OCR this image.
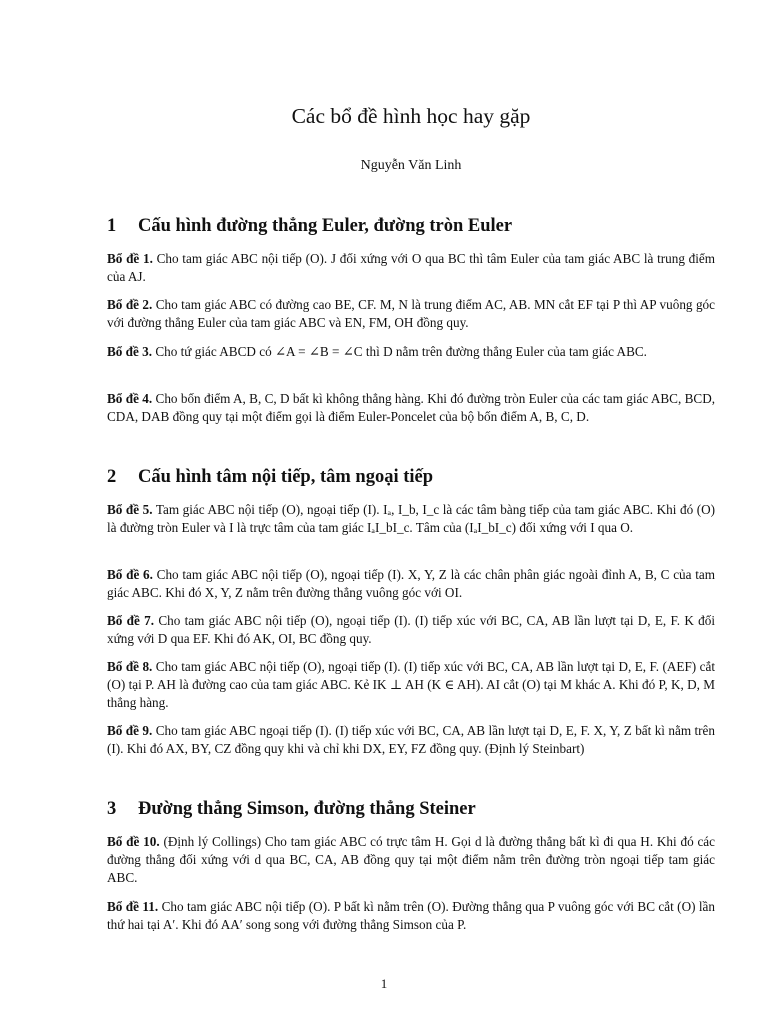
Các bổ đề hình học hay gặp
Nguyễn Văn Linh
1 Cấu hình đường thẳng Euler, đường tròn Euler

Bổ đề 1. Cho tam giác ABC nội tiếp (O). J đối xứng với O qua BC thì tâm Euler của tam giác ABC là trung điểm của AJ.

Bổ đề 2. Cho tam giác ABC có đường cao BE, CF. M, N là trung điểm AC, AB. MN cắt EF tại P thì AP vuông góc với đường thẳng Euler của tam giác ABC và EN, FM, OH đồng quy.

Bổ đề 3. Cho tứ giác ABCD có ∠A = ∠B = ∠C thì D nằm trên đường thẳng Euler của tam giác ABC.

Bổ đề 4. Cho bốn điểm A, B, C, D bất kì không thẳng hàng. Khi đó đường tròn Euler của các tam giác ABC, BCD, CDA, DAB đồng quy tại một điểm gọi là điểm Euler-Poncelet của bộ bốn điểm A, B, C, D.

2 Cấu hình tâm nội tiếp, tâm ngoại tiếp

Bổ đề 5. Tam giác ABC nội tiếp (O), ngoại tiếp (I). Iₐ, I_b, I_c là các tâm bàng tiếp của tam giác ABC. Khi đó (O) là đường tròn Euler và I là trực tâm của tam giác IₐI_bI_c. Tâm của (IₐI_bI_c) đối xứng với I qua O.

Bổ đề 6. Cho tam giác ABC nội tiếp (O), ngoại tiếp (I). X, Y, Z là các chân phân giác ngoài đỉnh A, B, C của tam giác ABC. Khi đó X, Y, Z nằm trên đường thẳng vuông góc với OI.

Bổ đề 7. Cho tam giác ABC nội tiếp (O), ngoại tiếp (I). (I) tiếp xúc với BC, CA, AB lần lượt tại D, E, F. K đối xứng với D qua EF. Khi đó AK, OI, BC đồng quy.

Bổ đề 8. Cho tam giác ABC nội tiếp (O), ngoại tiếp (I). (I) tiếp xúc với BC, CA, AB lần lượt tại D, E, F. (AEF) cắt (O) tại P. AH là đường cao của tam giác ABC. Kẻ IK ⊥ AH (K ∈ AH). AI cắt (O) tại M khác A. Khi đó P, K, D, M thẳng hàng.

Bổ đề 9. Cho tam giác ABC ngoại tiếp (I). (I) tiếp xúc với BC, CA, AB lần lượt tại D, E, F. X, Y, Z bất kì nằm trên (I). Khi đó AX, BY, CZ đồng quy khi và chỉ khi DX, EY, FZ đồng quy. (Định lý Steinbart)

3 Đường thẳng Simson, đường thẳng Steiner

Bổ đề 10. (Định lý Collings) Cho tam giác ABC có trực tâm H. Gọi d là đường thẳng bất kì đi qua H. Khi đó các đường thẳng đối xứng với d qua BC, CA, AB đồng quy tại một điểm nằm trên đường tròn ngoại tiếp tam giác ABC.

Bổ đề 11. Cho tam giác ABC nội tiếp (O). P bất kì nằm trên (O). Đường thẳng qua P vuông góc với BC cắt (O) lần thứ hai tại A′. Khi đó AA′ song song với đường thẳng Simson của P.

1
